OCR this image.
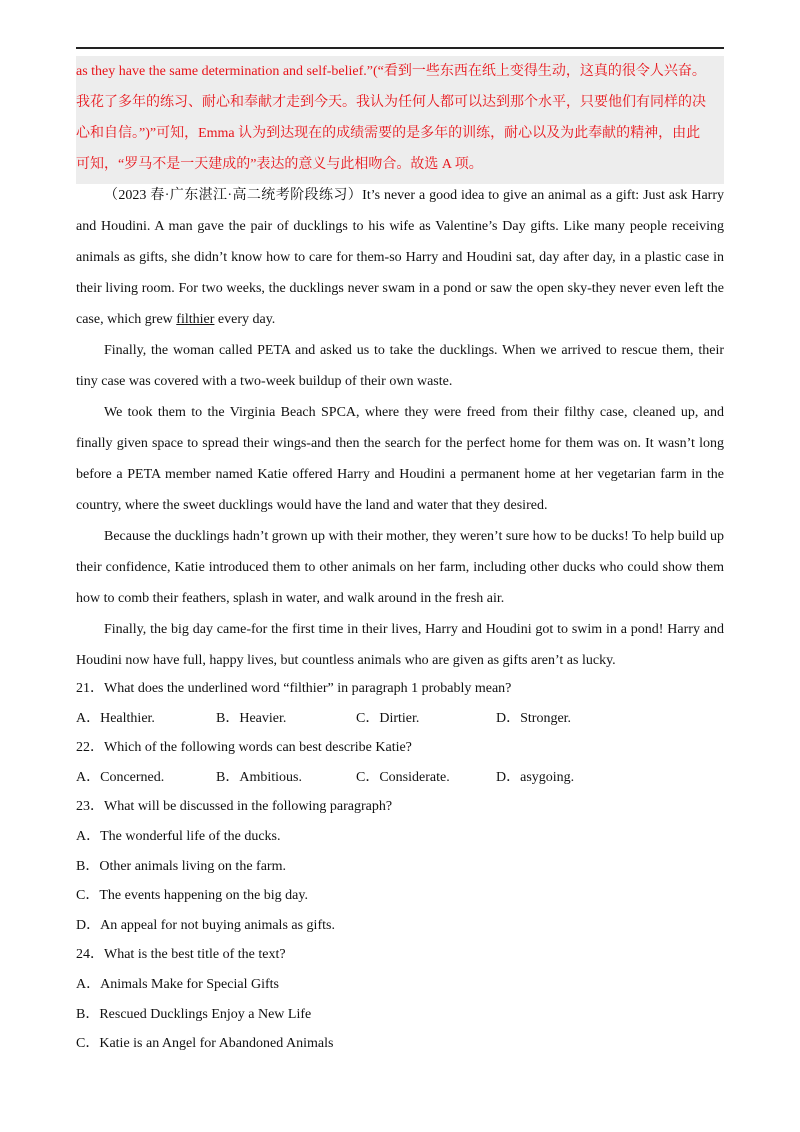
as they have the same determination and self-belief.”(“看到一些东西在纸上变得生动，这真的很令人兴奋。

我花了多年的练习、耐心和奉献才走到今天。我认为任何人都可以达到那个水平，只要他们有同样的决

心和自信。”)”可知，Emma 认为到达现在的成绩需要的是多年的训练，耐心以及为此奉献的精神，由此

可知，“罗马不是一天建成的”表达的意义与此相吻合。故选 A 项。

（2023 春·广东湛江·高二统考阶段练习）It’s never a good idea to give an animal as a gift: Just ask Harry and Houdini. A man gave the pair of ducklings to his wife as Valentine’s Day gifts. Like many people receiving animals as gifts, she didn’t know how to care for them-so Harry and Houdini sat, day after day, in a plastic case in their living room. For two weeks, the ducklings never swam in a pond or saw the open sky-they never even left the case, which grew filthier every day.

Finally, the woman called PETA and asked us to take the ducklings. When we arrived to rescue them, their tiny case was covered with a two-week buildup of their own waste.

We took them to the Virginia Beach SPCA, where they were freed from their filthy case, cleaned up, and finally given space to spread their wings-and then the search for the perfect home for them was on. It wasn’t long before a PETA member named Katie offered Harry and Houdini a permanent home at her vegetarian farm in the country, where the sweet ducklings would have the land and water that they desired.

Because the ducklings hadn’t grown up with their mother, they weren’t sure how to be ducks! To help build up their confidence, Katie introduced them to other animals on her farm, including other ducks who could show them how to comb their feathers, splash in water, and walk around in the fresh air.

Finally, the big day came-for the first time in their lives, Harry and Houdini got to swim in a pond! Harry and Houdini now have full, happy lives, but countless animals who are given as gifts aren’t as lucky.

21．What does the underlined word “filthier” in paragraph 1 probably mean?
A．Healthier.	B．Heavier.	C．Dirtier.	D．Stronger.
22．Which of the following words can best describe Katie?
A．Concerned.	B．Ambitious.	C．Considerate.	D．asygoing.
23．What will be discussed in the following paragraph?
A．The wonderful life of the ducks.
B．Other animals living on the farm.
C．The events happening on the big day.
D．An appeal for not buying animals as gifts.
24．What is the best title of the text?
A．Animals Make for Special Gifts
B．Rescued Ducklings Enjoy a New Life
C．Katie is an Angel for Abandoned Animals
